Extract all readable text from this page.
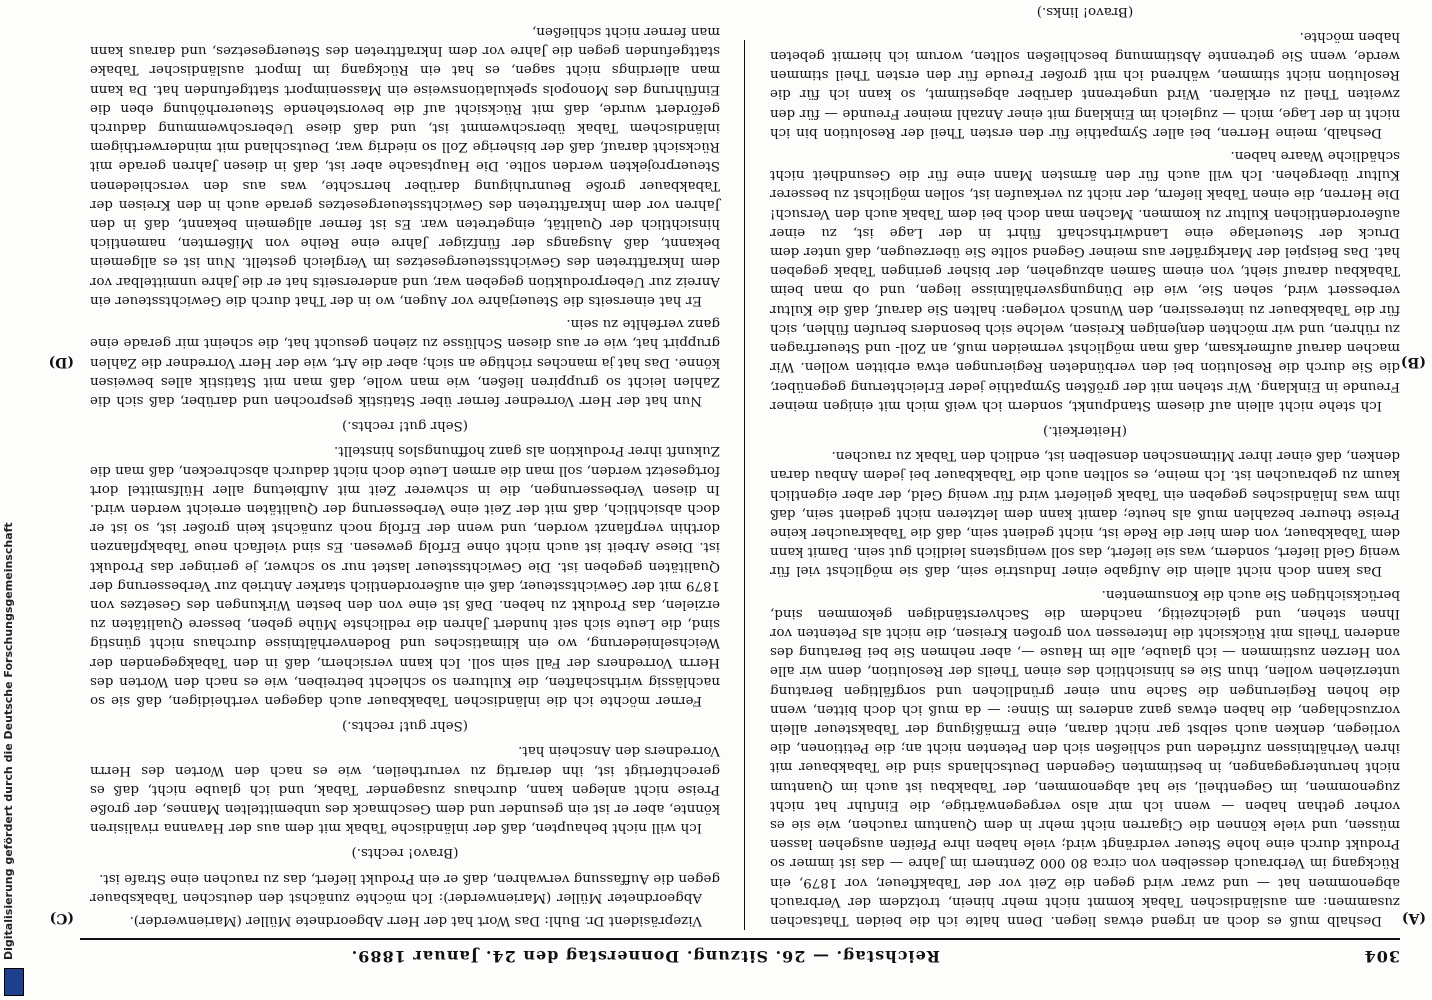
304
Reichstag. — 26. Sitzung. Donnerstag den 24. Januar 1889.

Deshalb muß es doch an irgend etwas liegen. Denn halte ich die beiden Thatsachen zusammen: am ausländischen Tabak kommt nicht mehr hinein, trotzdem der Verbrauch abgenommen hat — und zwar wird gegen die Zeit vor der Tabakfteuer, vor 1879, ein Rückgang im Verbrauch desselben von circa 80 000 Zentnern im Jahre — das ist immer so Produkt durch eine hohe Steuer verdrängt wird; viele haben ihre Pfeifen ausgehen lassen müssen, und viele können die Cigarren nicht mehr in dem Quantum rauchen, wie sie es vorher gethan haben — wenn ich mir also vergegenwärtige, die Einfuhr hat nicht zugenommen, im Gegentheil, sie hat abgenommen, der Tabakbau ist auch im Quantum nicht heruntergegangen, in bestimmten Gegenden Deutschlands sind die Tabakbauer mit ihren Verhältnissen zufrieden und schließen sich den Petenten nicht an; die Petitionen, die vorliegen, denken auch selbst gar nicht daran, eine Ermäßigung der Tabaksteuer allein vorzuschlagen, die haben etwas ganz anderes im Sinne: — da muß ich doch bitten, wenn die hohen Regierungen die Sache nun einer gründlichen und sorgfältigen Beratung unterziehen wollen, thun Sie es hinsichtlich des einen Theils der Resolution, denn wir alle von Herzen zustimmen — ich glaube, alle im Hause —, aber nehmen Sie bei Beratung des anderen Theils mit Rücksicht die Interessen von großen Kreisen, die nicht als Petenten vor Ihnen stehen, und gleichzeitig, nachdem die Sachverständigen gekommen sind, berücksichtigen Sie auch die Konsumenten.

Das kann doch nicht allein die Aufgabe einer Industrie sein, daß sie möglichst viel für wenig Geld liefert, sondern, was sie liefert, das soll wenigstens leidlich gut sein. Damit kann dem Tabakbauer, von dem hier die Rede ist, nicht gedient sein, daß die Tabakraucher keine Preise theurer bezahlen muß als heute; damit kann dem letzteren nicht gedient sein, daß ihm was Inländisches gegeben ein Tabak geliefert wird für wenig Geld, der aber eigentlich kaum zu gebrauchen ist. Ich meine, es sollten auch die Tabakbauer bei jedem Anbau daran denken, daß einer ihrer Mitmenschen denselben ist, endlich den Tabak zu rauchen.

(Heiterkeit.)

Ich stehe nicht allein auf diesem Standpunkt, sondern ich weiß mich mit einigen meiner Freunde in Einklang. Wir stehen mit der größten Sympathie jeder Erleichterung gegenüber, die Sie durch die Resolution bei den verbündeten Regierungen etwa erbitten wollen. Wir machen darauf aufmerksam, daß man möglichst vermeiden muß, an Zoll- und Steuerfragen zu rühren, und wir möchten denjenigen Kreisen, welche sich besonders berufen fühlen, sich für die Tabakbauer zu interessiren, den Wunsch vorlegen: halten Sie darauf, daß die Kultur verbessert wird, sehen Sie, wie die Düngungsverhältnisse liegen, und ob man beim Tabakbau darauf sieht, von einem Samen abzugehen, der bisher geringen Tabak gegeben hat. Das Beispiel der Markgräfler aus meiner Gegend sollte Sie überzeugen, daß unter dem Druck der Steuerlage eine Landwirthschaft führt in der Lage ist, zu einer außerordentlichen Kultur zu kommen. Machen man doch bei dem Tabak auch den Versuch! Die Herren, die einen Tabak liefern, der nicht zu verkaufen ist, sollen möglichst zu besserer Kultur übergehen. Ich will auch für den ärmsten Mann eine für die Gesundheit nicht schädliche Waare haben.

Deshalb, meine Herren, bei aller Sympathie für den ersten Theil der Resolution bin ich nicht in der Lage, mich — zugleich im Einklang mit einer Anzahl meiner Freunde — für den zweiten Theil zu erklären. Wird ungetrennt darüber abgestimmt, so kann ich für die Resolution nicht stimmen, während ich mit großer Freude für den ersten Theil stimmen werde, wenn Sie getrennte Abstimmung beschließen sollten, worum ich hiermit gebeten haben möchte.

(Bravo! links.)

Vizepräsident Dr. Buhl: Das Wort hat der Herr Abgeordnete Müller (Marienwerder).

Abgeordneter Müller (Marienwerder): Ich möchte zunächst den deutschen Tabaksbauer gegen die Auffassung verwahren, daß er ein Produkt liefert, das zu rauchen eine Strafe ist.

(Bravo! rechts.)

Ich will nicht behaupten, daß der inländische Tabak mit dem aus der Havanna rivalisiren könnte, aber er ist ein gesunder und dem Geschmack des unbemittelten Mannes, der große Preise nicht anlegen kann, durchaus zusagender Tabak, und ich glaube nicht, daß es gerechtfertigt ist, ihn derartig zu verurtheilen, wie es nach den Worten des Herrn Vorredners den Anschein hat.

(Sehr gut! rechts.)

Ferner möchte ich die inländischen Tabakbauer auch dagegen vertheidigen, daß sie so nachlässig wirthschaften, die Kulturen so schlecht betreiben, wie es nach den Worten des Herrn Vorredners der Fall sein soll. Ich kann versichern, daß in den Tabakgegenden der Weichselniederung, wo ein klimatisches und Bodenverhältnisse durchaus nicht günstig sind, die Leute sich seit hundert Jahren die redlichste Mühe geben, bessere Qualitäten zu erzielen, das Produkt zu heben. Daß ist eine von den besten Wirkungen des Gesetzes von 1879 mit der Gewichtssteuer, daß ein außerordentlich starker Antrieb zur Verbesserung der Qualitäten gegeben ist. Die Gewichtssteuer lastet nur so schwer, je geringer das Produkt ist. Diese Arbeit ist auch nicht ohne Erfolg gewesen. Es sind vielfach neue Tabakpflanzen dorthin verpflanzt worden, und wenn der Erfolg noch zunächst kein großer ist, so ist er doch absichtlich, daß mit der Zeit eine Verbesserung der Qualitäten erreicht werden wird. In diesen Verbesserungen, die in schwerer Zeit mit Aufbietung aller Hülfsmittel dort fortgesetzt werden, soll man die armen Leute doch nicht dadurch abschrecken, daß man die Zukunft ihrer Produktion als ganz hoffnungslos hinstellt.

(Sehr gut! rechts.)

Nun hat der Herr Vorredner ferner über Statistik gesprochen und darüber, daß sich die Zahlen leicht so gruppiren ließen, wie man wolle, daß man mit Statistik alles beweisen könne. Das hat ja manches richtige an sich; aber die Art, wie der Herr Vorredner die Zahlen gruppirt hat, wie er aus diesen Schlüsse zu ziehen gesucht hat, die scheint mir gerade eine ganz verfehlte zu sein.

Er hat einerseits die Steuerjahre vor Augen, wo in der That durch die Gewichtssteuer ein Anreiz zur Ueberproduktion gegeben war, und andererseits hat er die Jahre unmittelbar vor dem Inkrafttreten des Gewichtssteuergesetzes im Vergleich gestellt. Nun ist es allgemein bekannt, daß Ausgangs der fünfziger Jahre eine Reihe von Mißernten, namentlich hinsichtlich der Qualität, eingetreten war. Es ist ferner allgemein bekannt, daß in den Jahren vor dem Inkrafttreten des Gewichtssteuergesetzes gerade auch in den Kreisen der Tabakbauer große Beunruhigung darüber herrschte, was aus den verschiedenen Steuerprojekten werden sollte. Die Hauptsache aber ist, daß in diesen Jahren gerade mit Rücksicht darauf, daß der bisherige Zoll so niedrig war, Deutschland mit minderwerthigem inländischem Tabak überschwemmt ist, und daß diese Ueberschwemmung dadurch gefördert wurde, daß mit Rücksicht auf die bevorstehende Steuererhöhung eben die Einführung des Monopols spekulationsweise ein Massenimport stattgefunden hat. Da kann man allerdings nicht sagen, es hat ein Rückgang im Import ausländischer Tabake stattgefunden gegen die Jahre vor dem Inkrafttreten des Steuergesetzes, und daraus kann man ferner nicht schließen,

(A)
(B)
(C)
(D)
Digitalisierung gefördert durch die Deutsche Forschungsgemeinschaft
